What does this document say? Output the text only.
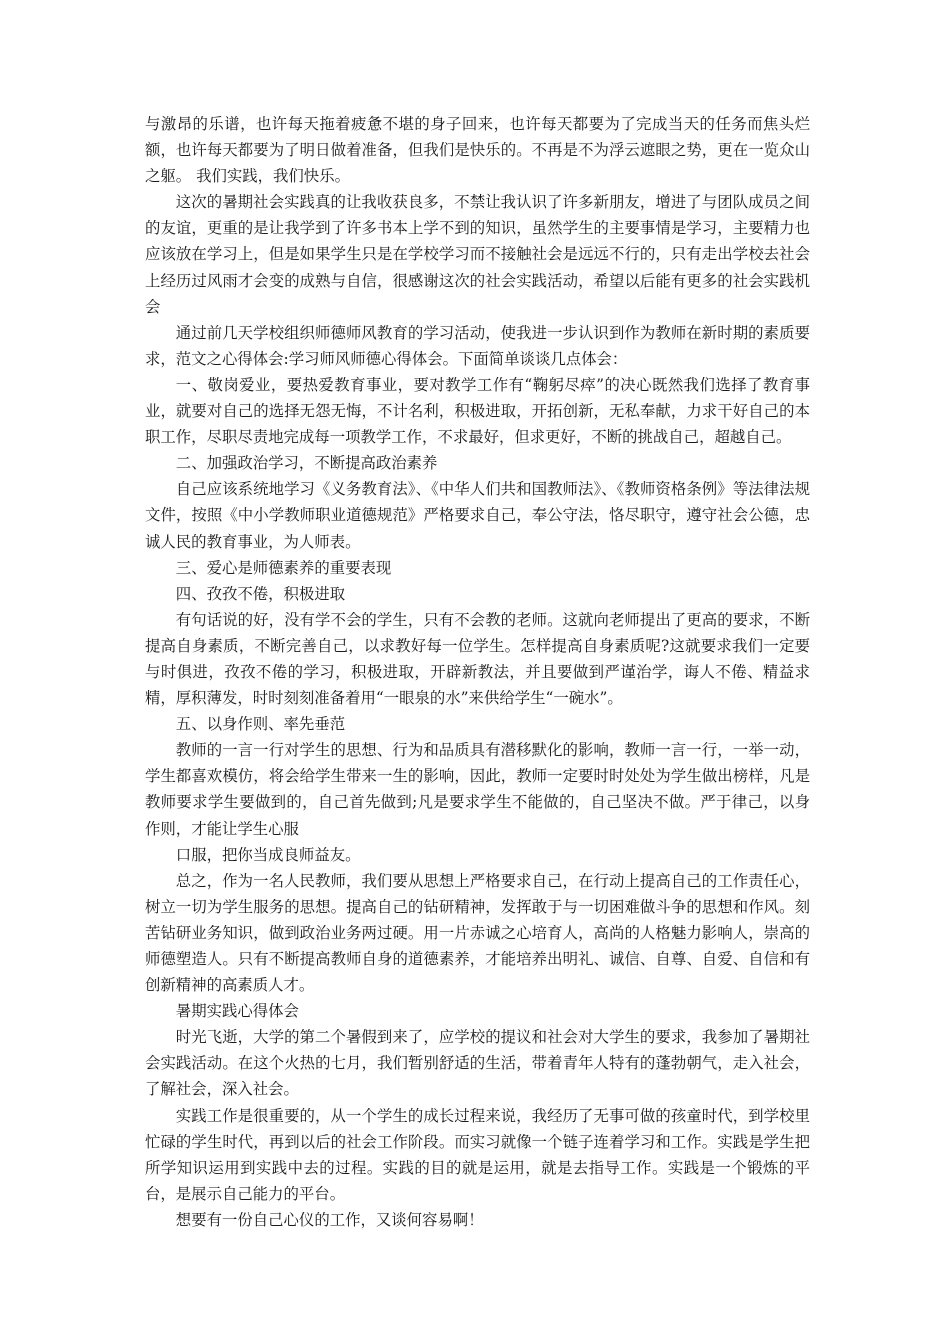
与激昂的乐谱，也许每天拖着疲惫不堪的身子回来，也许每天都要为了完成当天的任务而焦头烂额，也许每天都要为了明日做着准备，但我们是快乐的。不再是不为浮云遮眼之势，更在一览众山之躯。 我们实践，我们快乐。

这次的暑期社会实践真的让我收获良多，不禁让我认识了许多新朋友，增进了与团队成员之间的友谊，更重的是让我学到了许多书本上学不到的知识，虽然学生的主要事情是学习，主要精力也应该放在学习上，但是如果学生只是在学校学习而不接触社会是远远不行的，只有走出学校去社会上经历过风雨才会变的成熟与自信，很感谢这次的社会实践活动，希望以后能有更多的社会实践机会

通过前几天学校组织师德师风教育的学习活动，使我进一步认识到作为教师在新时期的素质要求，范文之心得体会:学习师风师德心得体会。下面简单谈谈几点体会：

一、敬岗爱业，要热爱教育事业，要对教学工作有“鞠躬尽瘁”的决心既然我们选择了教育事业，就要对自己的选择无怨无悔，不计名利，积极进取，开拓创新，无私奉献，力求干好自己的本职工作，尽职尽责地完成每一项教学工作，不求最好，但求更好，不断的挑战自己，超越自己。

二、加强政治学习，不断提高政治素养

自己应该系统地学习《义务教育法》、《中华人们共和国教师法》、《教师资格条例》等法律法规文件，按照《中小学教师职业道德规范》严格要求自己，奉公守法，恪尽职守，遵守社会公德，忠诚人民的教育事业，为人师表。

三、爱心是师德素养的重要表现

四、孜孜不倦，积极进取

有句话说的好，没有学不会的学生，只有不会教的老师。这就向老师提出了更高的要求，不断提高自身素质，不断完善自己，以求教好每一位学生。怎样提高自身素质呢?这就要求我们一定要与时俱进，孜孜不倦的学习，积极进取，开辟新教法，并且要做到严谨治学，诲人不倦、精益求精，厚积薄发，时时刻刻准备着用“一眼泉的水”来供给学生“一碗水”。

五、以身作则、率先垂范

教师的一言一行对学生的思想、行为和品质具有潜移默化的影响，教师一言一行，一举一动，学生都喜欢模仿，将会给学生带来一生的影响，因此，教师一定要时时处处为学生做出榜样，凡是教师要求学生要做到的，自己首先做到;凡是要求学生不能做的，自己坚决不做。严于律己，以身作则，才能让学生心服

口服，把你当成良师益友。

总之，作为一名人民教师，我们要从思想上严格要求自己，在行动上提高自己的工作责任心，树立一切为学生服务的思想。提高自己的钻研精神，发挥敢于与一切困难做斗争的思想和作风。刻苦钻研业务知识，做到政治业务两过硬。用一片赤诚之心培育人，高尚的人格魅力影响人，崇高的师德塑造人。只有不断提高教师自身的道德素养，才能培养出明礼、诚信、自尊、自爱、自信和有创新精神的高素质人才。

暑期实践心得体会

时光飞逝，大学的第二个暑假到来了，应学校的提议和社会对大学生的要求，我参加了暑期社会实践活动。在这个火热的七月，我们暂别舒适的生活，带着青年人特有的蓬勃朝气，走入社会，了解社会，深入社会。

实践工作是很重要的，从一个学生的成长过程来说，我经历了无事可做的孩童时代，到学校里忙碌的学生时代，再到以后的社会工作阶段。而实习就像一个链子连着学习和工作。实践是学生把所学知识运用到实践中去的过程。实践的目的就是运用，就是去指导工作。实践是一个锻炼的平台，是展示自己能力的平台。

想要有一份自己心仪的工作，又谈何容易啊！
